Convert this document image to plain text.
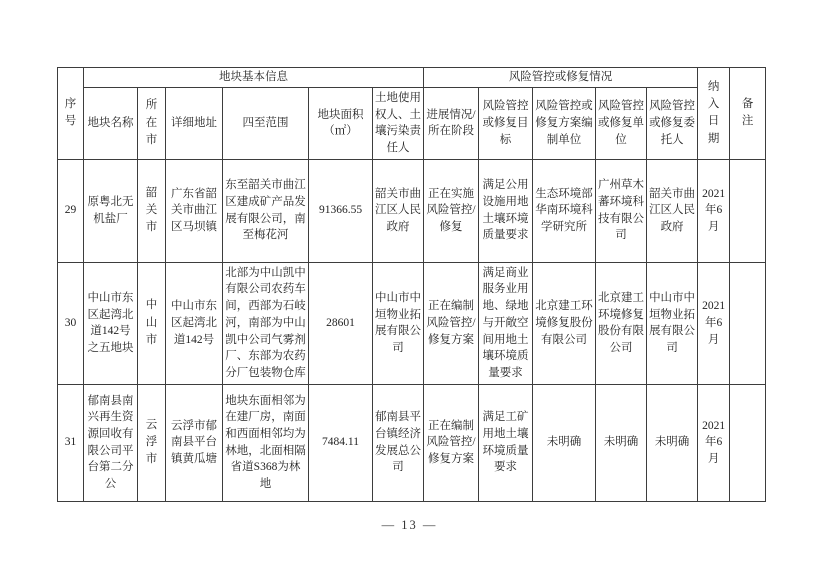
序号	地块基本信息						风险管控或修复情况					纳入日期	备注
	地块名称	所在市	详细地址	四至范围	地块面积（㎡）	土地使用权人、土壤污染责任人	进展情况/所在阶段	风险管控或修复目标	风险管控或修复方案编制单位	风险管控或修复单位	风险管控或修复委托人		
29	原粤北无机盐厂	韶关市	广东省韶关市曲江区马坝镇	东至韶关市曲江区建成矿产品发展有限公司，南至梅花河	91366.55	韶关市曲江区人民政府	正在实施风险管控/修复	满足公用设施用地土壤环境质量要求	生态环境部华南环境科学研究所	广州草木蕃环境科技有限公司	韶关市曲江区人民政府	2021年6月	
30	中山市东区起湾北道142号之五地块	中山市	中山市东区起湾北道142号	北部为中山凯中有限公司农药车间，西部为石岐河，南部为中山凯中公司气雾剂厂、东部为农药分厂包装物仓库	28601	中山市中垣物业拓展有限公司	正在编制风险管控/修复方案	满足商业服务业用地、绿地与开敞空间用地土壤环境质量要求	北京建工环境修复股份有限公司	北京建工环境修复股份有限公司	中山市中垣物业拓展有限公司	2021年6月	
31	郁南县南兴再生资源回收有限公司平台第二分公	云浮市	云浮市郁南县平台镇黄瓜塘	地块东面相邻为在建厂房，南面和西面相邻均为林地，北面相隔省道S368为林地	7484.11	郁南县平台镇经济发展总公司	正在编制风险管控/修复方案	满足工矿用地土壤环境质量要求	未明确	未明确	未明确	2021年6月	
— 13 —
